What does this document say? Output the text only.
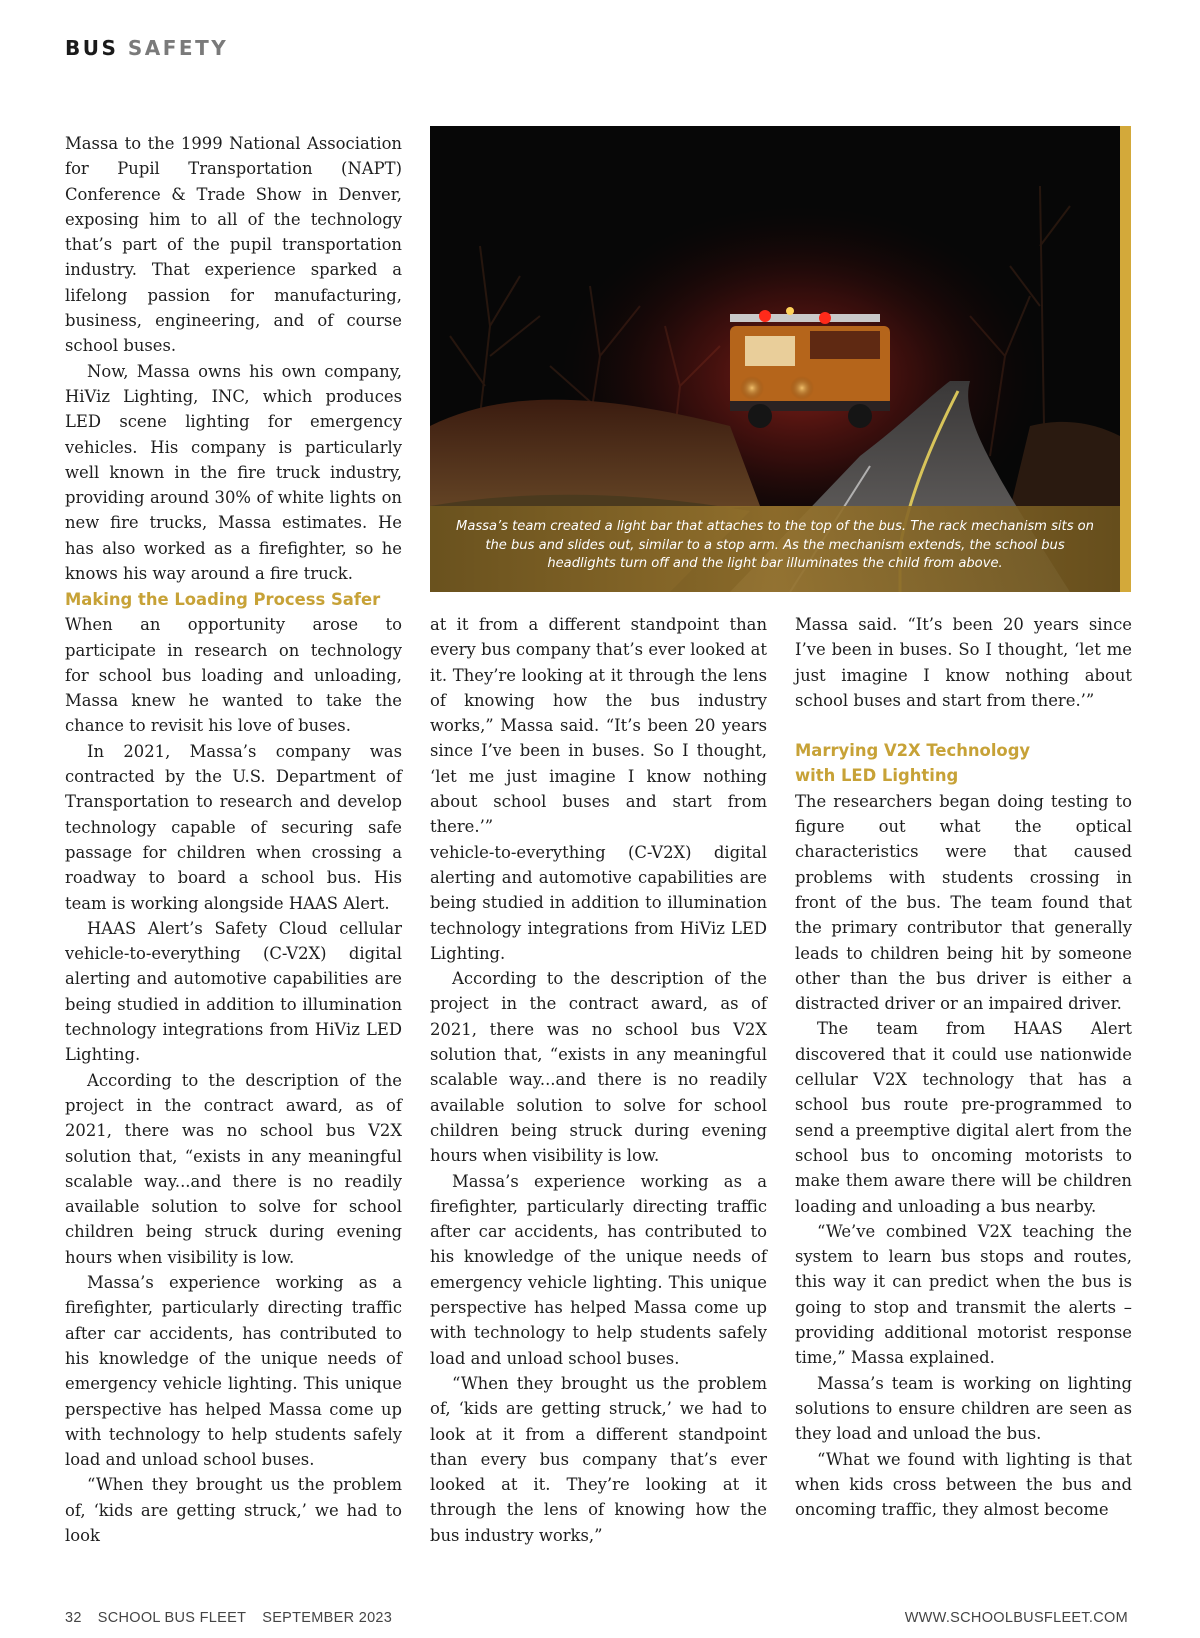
BUS SAFETY

Massa to the 1999 National Association for Pupil Transportation (NAPT) Conference & Trade Show in Denver, exposing him to all of the technology that’s part of the pupil transportation industry. That experience sparked a lifelong passion for manufacturing, business, engineering, and of course school buses.

Now, Massa owns his own company, HiViz Lighting, INC, which produces LED scene lighting for emergency vehicles. His company is particularly well known in the fire truck industry, providing around 30% of white lights on new fire trucks, Massa estimates. He has also worked as a firefighter, so he knows his way around a fire truck.

Making the Loading Process Safer

When an opportunity arose to participate in research on technology for school bus loading and unloading, Massa knew he wanted to take the chance to revisit his love of buses.

In 2021, Massa’s company was contracted by the U.S. Department of Transportation to research and develop technology capable of securing safe passage for children when crossing a roadway to board a school bus. His team is working alongside HAAS Alert.

HAAS Alert’s Safety Cloud cellular vehicle-to-everything (C-V2X) digital alerting and automotive capabilities are being studied in addition to illumination technology integrations from HiViz LED Lighting.

According to the description of the project in the contract award, as of 2021, there was no school bus V2X solution that, “exists in any meaningful scalable way...and there is no readily available solution to solve for school children being struck during evening hours when visibility is low.

Massa’s experience working as a firefighter, particularly directing traffic after car accidents, has contributed to his knowledge of the unique needs of emergency vehicle lighting. This unique perspective has helped Massa come up with technology to help students safely load and unload school buses.

“When they brought us the problem of, ‘kids are getting struck,’ we had to look

Massa’s team created a light bar that attaches to the top of the bus. The rack mechanism sits on the bus and slides out, similar to a stop arm. As the mechanism extends, the school bus headlights turn off and the light bar illuminates the child from above.

at it from a different standpoint than every bus company that’s ever looked at it. They’re looking at it through the lens of knowing how the bus industry works,” Massa said. “It’s been 20 years since I’ve been in buses. So I thought, ‘let me just imagine I know nothing about school buses and start from there.’”

vehicle-to-everything (C-V2X) digital alerting and automotive capabilities are being studied in addition to illumination technology integrations from HiViz LED Lighting.

According to the description of the project in the contract award, as of 2021, there was no school bus V2X solution that, “exists in any meaningful scalable way...and there is no readily available solution to solve for school children being struck during evening hours when visibility is low.

Massa’s experience working as a firefighter, particularly directing traffic after car accidents, has contributed to his knowledge of the unique needs of emergency vehicle lighting. This unique perspective has helped Massa come up with technology to help students safely load and unload school buses.

“When they brought us the problem of, ‘kids are getting struck,’ we had to look at it from a different standpoint than every bus company that’s ever looked at it. They’re looking at it through the lens of knowing how the bus industry works,”

Massa said. “It’s been 20 years since I’ve been in buses. So I thought, ‘let me just imagine I know nothing about school buses and start from there.’”

Marrying V2X Technology
with LED Lighting

The researchers began doing testing to figure out what the optical characteristics were that caused problems with students crossing in front of the bus. The team found that the primary contributor that generally leads to children being hit by someone other than the bus driver is either a distracted driver or an impaired driver.

The team from HAAS Alert discovered that it could use nationwide cellular V2X technology that has a school bus route pre-programmed to send a preemptive digital alert from the school bus to oncoming motorists to make them aware there will be children loading and unloading a bus nearby.

“We’ve combined V2X teaching the system to learn bus stops and routes, this way it can predict when the bus is going to stop and transmit the alerts – providing additional motorist response time,” Massa explained.

Massa’s team is working on lighting solutions to ensure children are seen as they load and unload the bus.

“What we found with lighting is that when kids cross between the bus and oncoming traffic, they almost become

32 SCHOOL BUS FLEET SEPTEMBER 2023	WWW.SCHOOLBUSFLEET.COM
